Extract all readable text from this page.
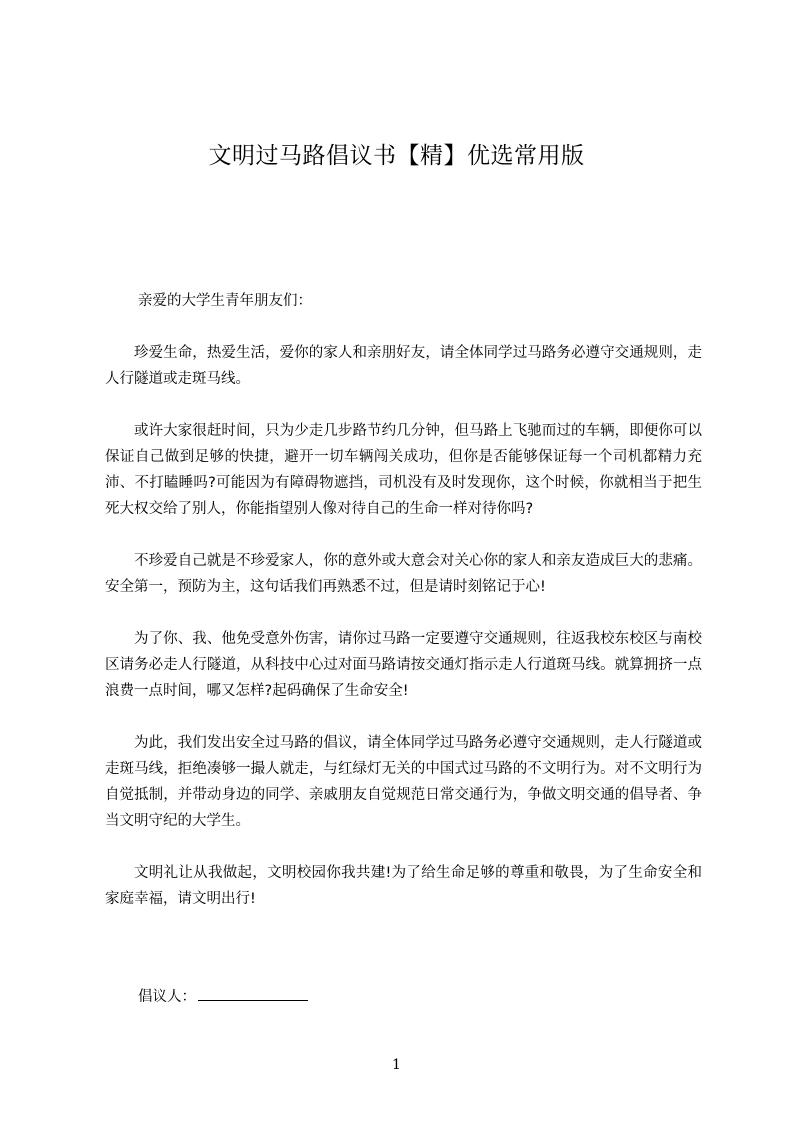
文明过马路倡议书【精】优选常用版

亲爱的大学生青年朋友们：

珍爱生命，热爱生活，爱你的家人和亲朋好友，请全体同学过马路务必遵守交通规则，走人行隧道或走斑马线。

或许大家很赶时间，只为少走几步路节约几分钟，但马路上飞驰而过的车辆，即便你可以保证自己做到足够的快捷，避开一切车辆闯关成功，但你是否能够保证每一个司机都精力充沛、不打瞌睡吗?可能因为有障碍物遮挡，司机没有及时发现你，这个时候，你就相当于把生死大权交给了别人，你能指望别人像对待自己的生命一样对待你吗?

不珍爱自己就是不珍爱家人，你的意外或大意会对关心你的家人和亲友造成巨大的悲痛。安全第一，预防为主，这句话我们再熟悉不过，但是请时刻铭记于心!

为了你、我、他免受意外伤害，请你过马路一定要遵守交通规则，往返我校东校区与南校区请务必走人行隧道，从科技中心过对面马路请按交通灯指示走人行道斑马线。就算拥挤一点浪费一点时间，哪又怎样?起码确保了生命安全!

为此，我们发出安全过马路的倡议，请全体同学过马路务必遵守交通规则，走人行隧道或走斑马线，拒绝凑够一撮人就走，与红绿灯无关的中国式过马路的不文明行为。对不文明行为自觉抵制，并带动身边的同学、亲戚朋友自觉规范日常交通行为，争做文明交通的倡导者、争当文明守纪的大学生。

文明礼让从我做起，文明校园你我共建!为了给生命足够的尊重和敬畏，为了生命安全和家庭幸福，请文明出行!

倡议人：
1
